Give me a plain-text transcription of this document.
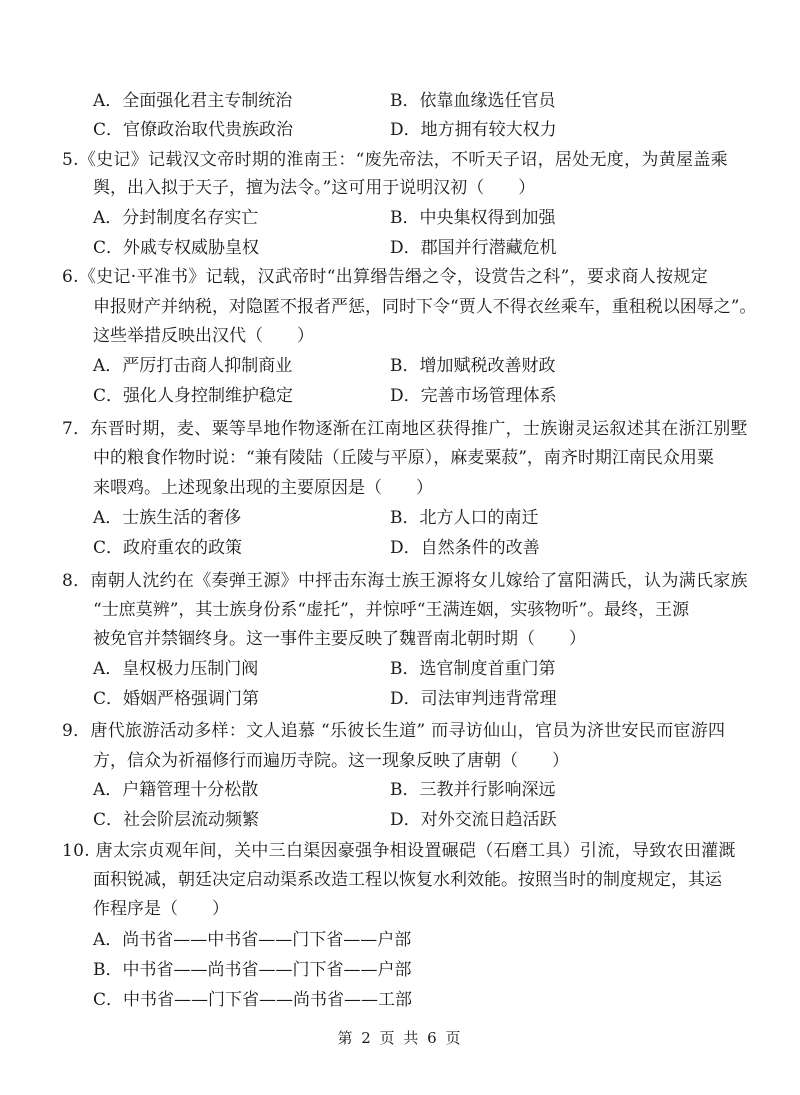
A．全面强化君主专制统治	B．依靠血缘选任官员
C．官僚政治取代贵族政治	D．地方拥有较大权力
5.《史记》记载汉文帝时期的淮南王：“废先帝法，不听天子诏，居处无度，为黄屋盖乘
舆，出入拟于天子，擅为法令。”这可用于说明汉初（　　）
A．分封制度名存实亡	B．中央集权得到加强
C．外戚专权威胁皇权	D．郡国并行潜藏危机
6.《史记·平准书》记载，汉武帝时“出算缗告缗之令，设赏告之科”，要求商人按规定
申报财产并纳税，对隐匿不报者严惩，同时下令“贾人不得衣丝乘车，重租税以困辱之”。
这些举措反映出汉代（　　）
A．严厉打击商人抑制商业	B．增加赋税改善财政
C．强化人身控制维护稳定	D．完善市场管理体系
7．东晋时期，麦、粟等旱地作物逐渐在江南地区获得推广，士族谢灵运叙述其在浙江别墅
中的粮食作物时说：“兼有陵陆（丘陵与平原），麻麦粟菽”，南齐时期江南民众用粟
来喂鸡。上述现象出现的主要原因是（　　）
A．士族生活的奢侈	B．北方人口的南迁
C．政府重农的政策	D．自然条件的改善
8．南朝人沈约在《奏弹王源》中抨击东海士族王源将女儿嫁给了富阳满氏，认为满氏家族
“士庶莫辨”，其士族身份系“虚托”，并惊呼“王满连姻，实骇物听”。最终，王源
被免官并禁锢终身。这一事件主要反映了魏晋南北朝时期（　　）
A．皇权极力压制门阀	B．选官制度首重门第
C．婚姻严格强调门第	D．司法审判违背常理
9．唐代旅游活动多样：文人追慕 “乐彼长生道” 而寻访仙山，官员为济世安民而宦游四
方，信众为祈福修行而遍历寺院。这一现象反映了唐朝（　　）
A．户籍管理十分松散	B．三教并行影响深远
C．社会阶层流动频繁	D．对外交流日趋活跃
10. 唐太宗贞观年间，关中三白渠因豪强争相设置碾硙（石磨工具）引流，导致农田灌溉
面积锐减，朝廷决定启动渠系改造工程以恢复水利效能。按照当时的制度规定，其运
作程序是（　　）
A．尚书省——中书省——门下省——户部
B．中书省——尚书省——门下省——户部
C．中书省——门下省——尚书省——工部
第 2 页 共 6 页
